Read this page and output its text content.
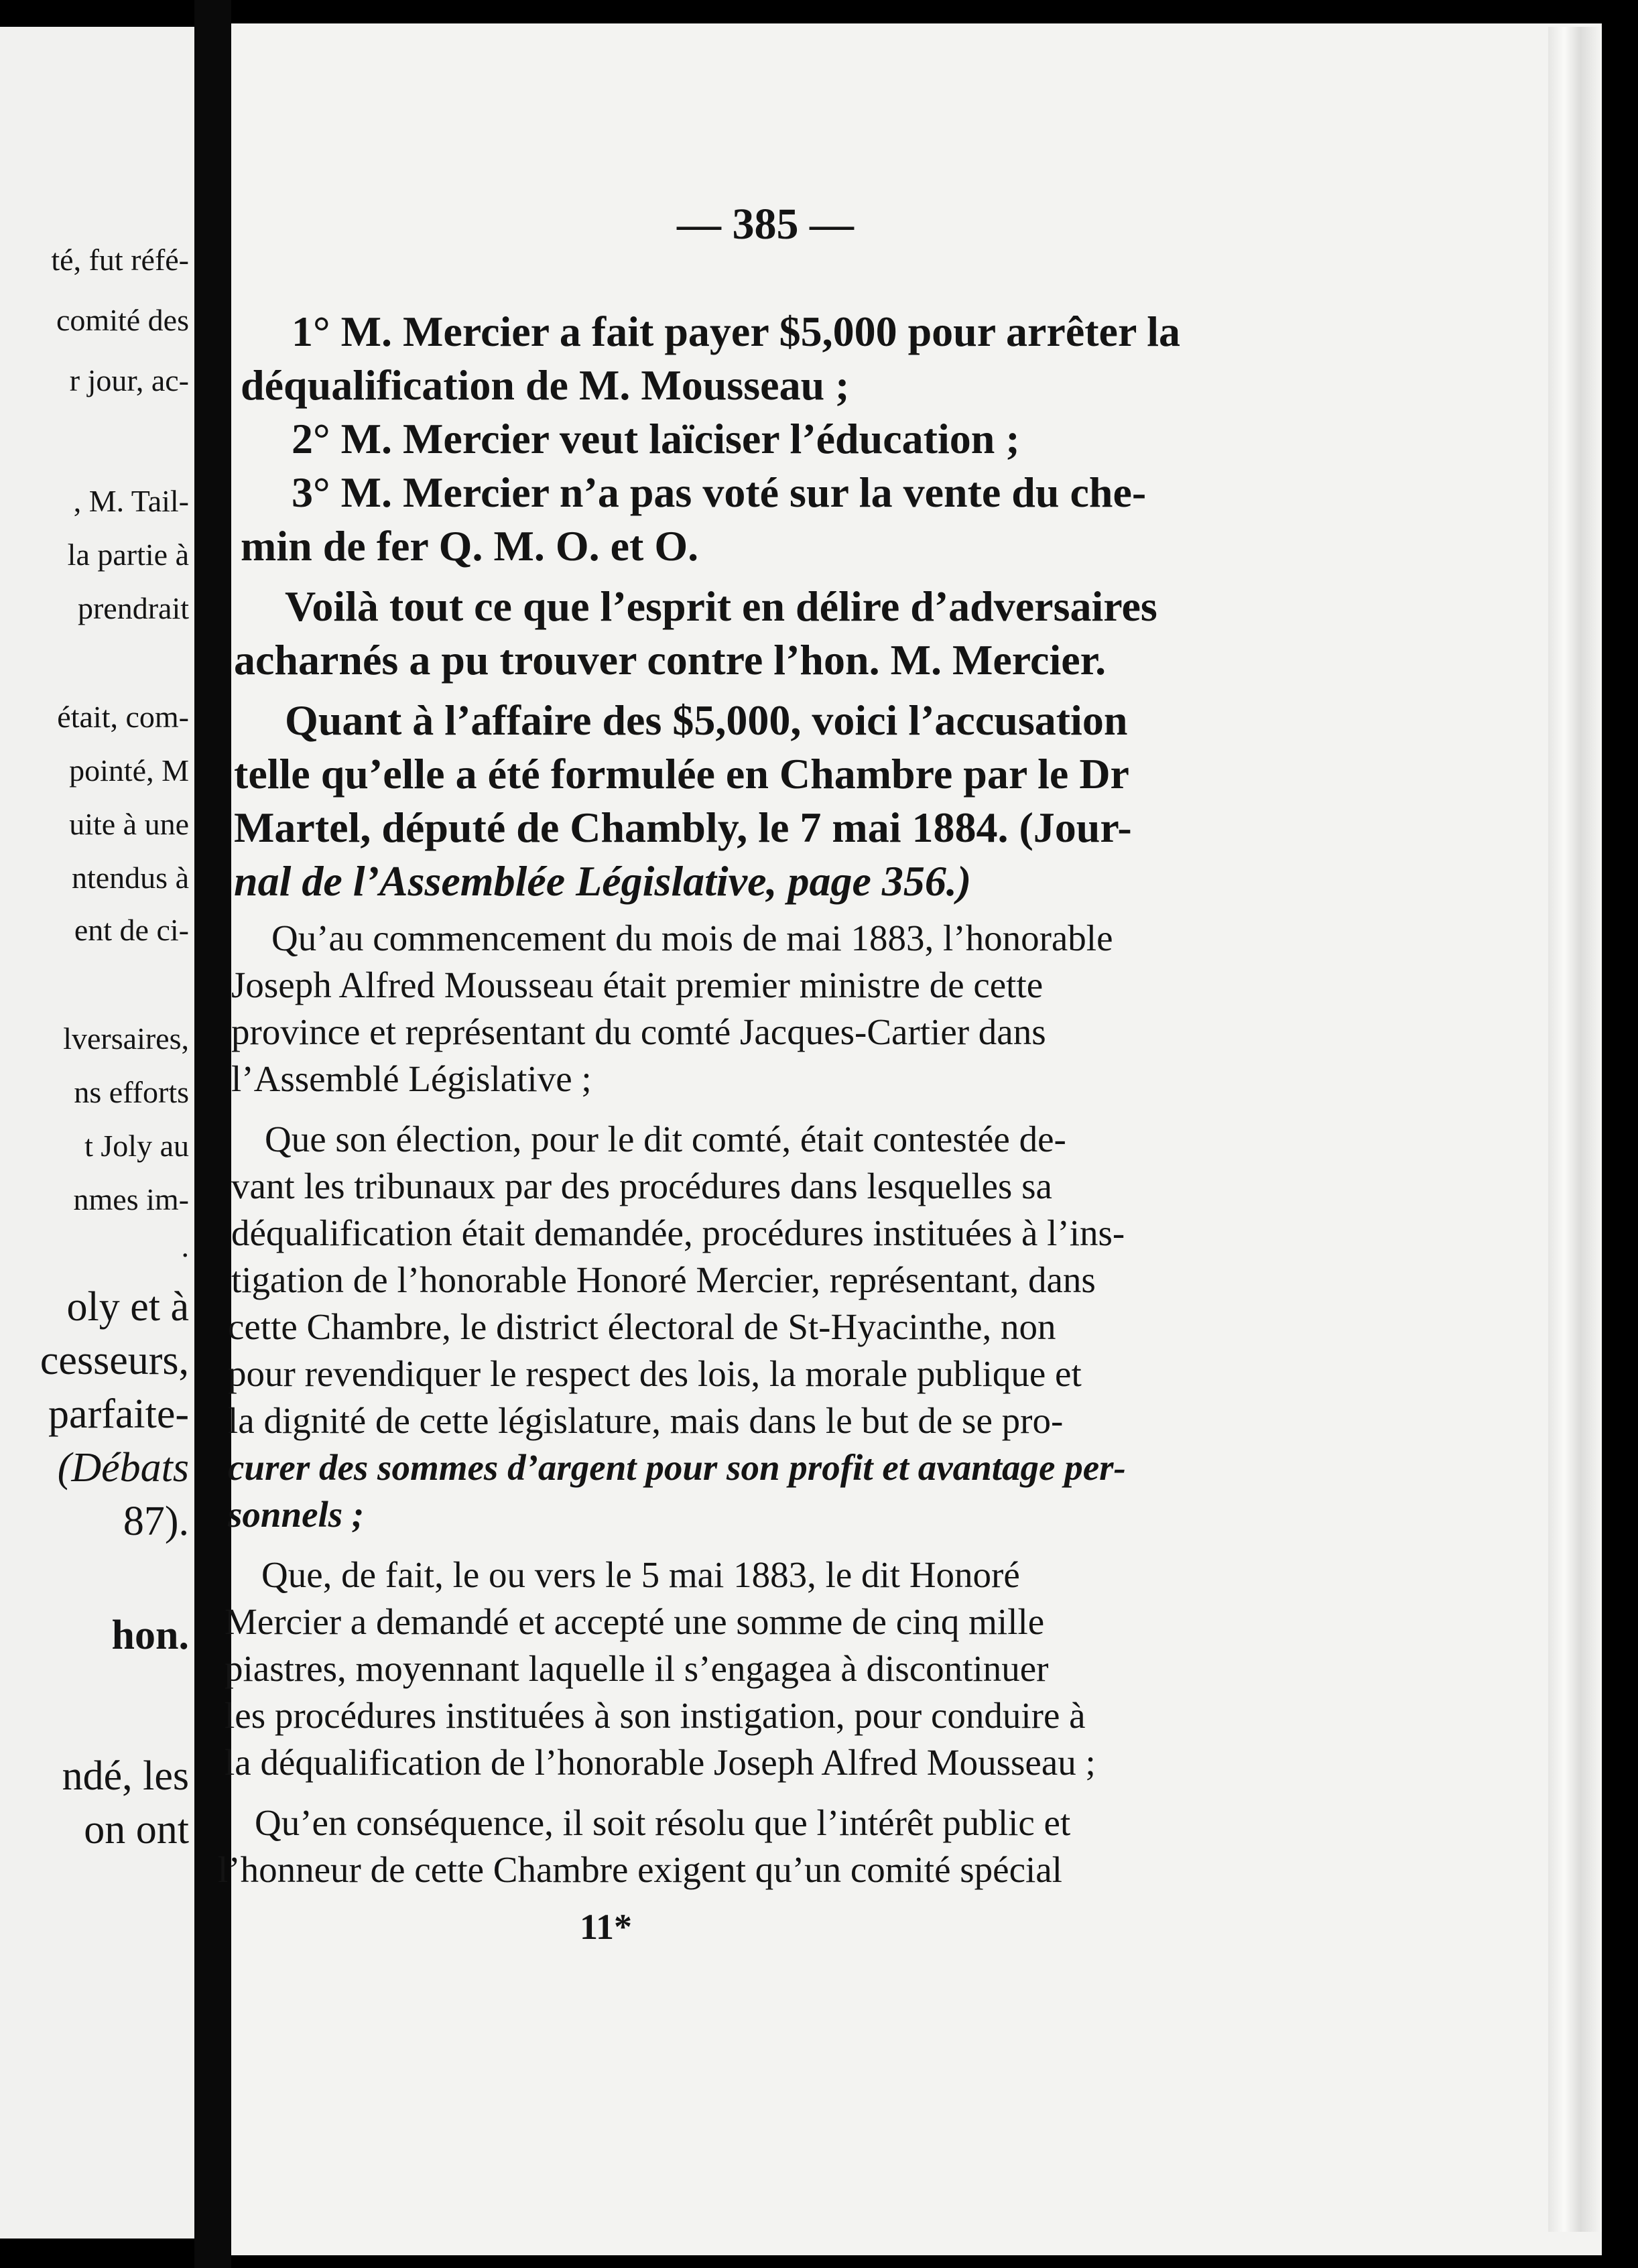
té, fut réfé-
comité des
r jour, ac-
, M. Tail-
la partie à
prendrait
était, com-
pointé, M
uite à une
ntendus à
ent de ci-
lversaires,
ns efforts
t Joly au
nmes im-
.
oly et à
cesseurs,
parfaite-
(Débats
87).
hon.
ndé, les
on ont
— 385 —
1° M. Mercier a fait payer $5,000 pour arrêter la
déqualification de M. Mousseau ;
2° M. Mercier veut laïciser l’éducation ;
3° M. Mercier n’a pas voté sur la vente du che-
min de fer Q. M. O. et O.
Voilà tout ce que l’esprit en délire d’adversaires
acharnés a pu trouver contre l’hon. M. Mercier.
Quant à l’affaire des $5,000, voici l’accusation
telle qu’elle a été formulée en Chambre par le Dr
Martel, député de Chambly, le 7 mai 1884. (Jour-
nal de l’Assemblée Législative, page 356.)
Qu’au commencement du mois de mai 1883, l’honorable
Joseph Alfred Mousseau était premier ministre de cette
province et représentant du comté Jacques-Cartier dans
l’Assemblé Législative ;
Que son élection, pour le dit comté, était contestée de-
vant les tribunaux par des procédures dans lesquelles sa
déqualification était demandée, procédures instituées à l’ins-
tigation de l’honorable Honoré Mercier, représentant, dans
cette Chambre, le district électoral de St-Hyacinthe, non
pour revendiquer le respect des lois, la morale publique et
la dignité de cette législature, mais dans le but de se pro-
curer des sommes d’argent pour son profit et avantage per-
sonnels ;
Que, de fait, le ou vers le 5 mai 1883, le dit Honoré
Mercier a demandé et accepté une somme de cinq mille
piastres, moyennant laquelle il s’engagea à discontinuer
les procédures instituées à son instigation, pour conduire à
la déqualification de l’honorable Joseph Alfred Mousseau ;
Qu’en conséquence, il soit résolu que l’intérêt public et
l’honneur de cette Chambre exigent qu’un comité spécial
11*
